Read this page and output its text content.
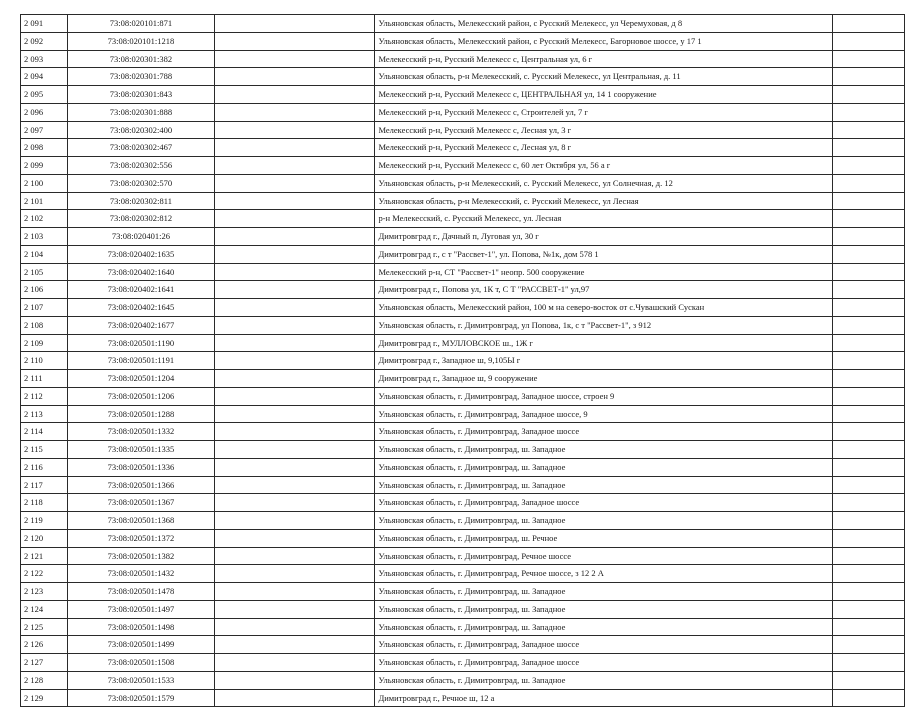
2 091	73:08:020101:871		Ульяновская область, Мелекесский район, с Русский Мелекесс, ул Черемуховая, д 8	
2 092	73:08:020101:1218		Ульяновская область, Мелекесский район, с Русский Мелекесс, Багорновое шоссе, у 17 1	
2 093	73:08:020301:382		Мелекесский р-н, Русский Мелекесс с, Центральная ул, 6 г	
2 094	73:08:020301:788		Ульяновская область, р-н Мелекесский, с. Русский Мелекесс, ул Центральная, д. 11	
2 095	73:08:020301:843		Мелекесский р-н, Русский Мелекесс с, ЦЕНТРАЛЬНАЯ ул, 14 1 сооружение	
2 096	73:08:020301:888		Мелекесский р-н, Русский Мелекесс с, Строителей ул, 7 г	
2 097	73:08:020302:400		Мелекесский р-н, Русский Мелекесс с, Лесная ул, 3 г	
2 098	73:08:020302:467		Мелекесский р-н, Русский Мелекесс с, Лесная ул, 8 г	
2 099	73:08:020302:556		Мелекесский р-н, Русский Мелекесс с, 60 лет Октября ул, 56 а г	
2 100	73:08:020302:570		Ульяновская область, р-н Мелекесский, с. Русский Мелекесс, ул Солнечная, д. 12	
2 101	73:08:020302:811		Ульяновская область, р-н Мелекесский, с. Русский Мелекесс, ул Лесная	
2 102	73:08:020302:812		р-н Мелекесский, с. Русский Мелекесс, ул. Лесная	
2 103	73:08:020401:26		Димитровград г., Дачный п, Луговая ул, 30 г	
2 104	73:08:020402:1635		Димитровград г., с т "Рассвет-1", ул. Попова, №1к, дом 578 1	
2 105	73:08:020402:1640		Мелекесский р-н, СТ "Рассвет-1" неопр. 500 сооружение	
2 106	73:08:020402:1641		Димитровград г., Попова ул, 1К т, С Т "РАССВЕТ-1" ул,97	
2 107	73:08:020402:1645		Ульяновская область, Мелекесский район, 100 м на северо-восток от с.Чувашский Сускан	
2 108	73:08:020402:1677		Ульяновская область, г. Димитровград, ул Попова, 1к, с т "Рассвет-1", з 912	
2 109	73:08:020501:1190		Димитровград г., МУЛЛОВСКОЕ ш., 1Ж г	
2 110	73:08:020501:1191		Димитровград г., Западное ш, 9,105Ы г	
2 111	73:08:020501:1204		Димитровград г., Западное ш, 9 сооружение	
2 112	73:08:020501:1206		Ульяновская область, г. Димитровград, Западное шоссе, строен 9	
2 113	73:08:020501:1288		Ульяновская область, г. Димитровград, Западное шоссе, 9	
2 114	73:08:020501:1332		Ульяновская область, г. Димитровград, Западное шоссе	
2 115	73:08:020501:1335		Ульяновская область, г. Димитровград, ш. Западное	
2 116	73:08:020501:1336		Ульяновская область, г. Димитровград, ш. Западное	
2 117	73:08:020501:1366		Ульяновская область, г. Димитровград, ш. Западное	
2 118	73:08:020501:1367		Ульяновская область, г. Димитровград, Западное шоссе	
2 119	73:08:020501:1368		Ульяновская область, г. Димитровград, ш. Западное	
2 120	73:08:020501:1372		Ульяновская область, г. Димитровград, ш. Речное	
2 121	73:08:020501:1382		Ульяновская область, г. Димитровград, Речное шоссе	
2 122	73:08:020501:1432		Ульяновская область, г. Димитровград, Речное шоссе, з 12 2 А	
2 123	73:08:020501:1478		Ульяновская область, г. Димитровград, ш. Западное	
2 124	73:08:020501:1497		Ульяновская область, г. Димитровград, ш. Западное	
2 125	73:08:020501:1498		Ульяновская область, г. Димитровград, ш. Западное	
2 126	73:08:020501:1499		Ульяновская область, г. Димитровград, Западное шоссе	
2 127	73:08:020501:1508		Ульяновская область, г. Димитровград, Западное шоссе	
2 128	73:08:020501:1533		Ульяновская область, г. Димитровград, ш. Западное	
2 129	73:08:020501:1579		Димитровград г., Речное ш, 12 а	
